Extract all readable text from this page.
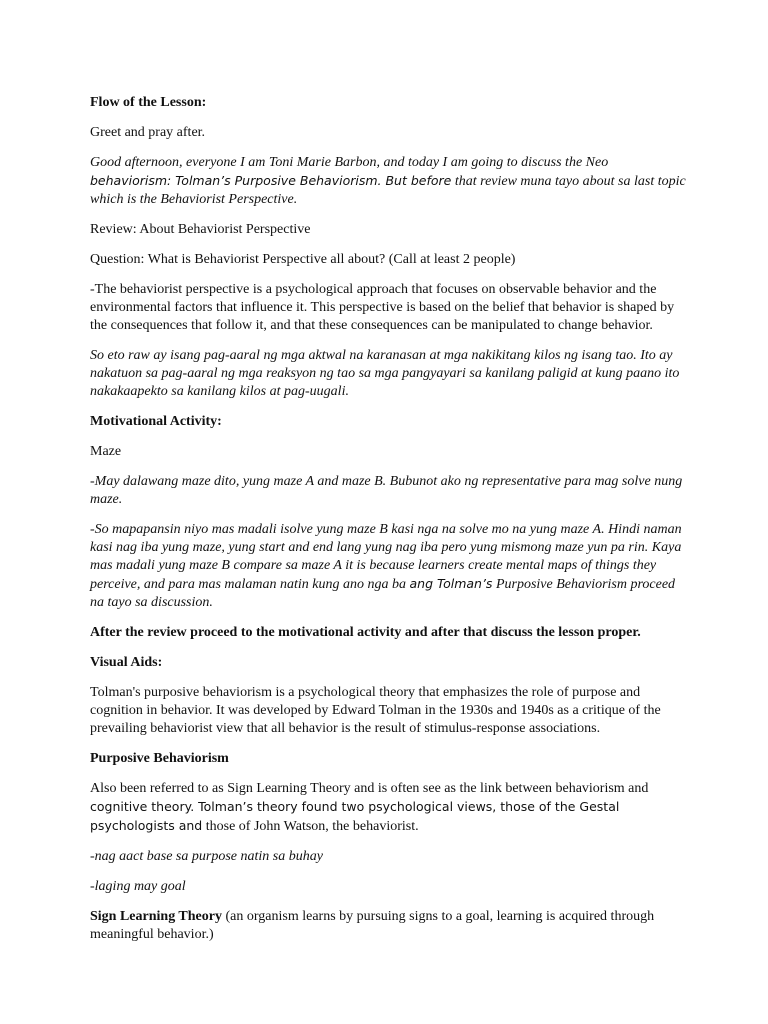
Flow of the Lesson:

Greet and pray after.

Good afternoon, everyone I am Toni Marie Barbon, and today I am going to discuss the Neo behaviorism: Tolman’s Purposive Behaviorism. But before that review muna tayo about sa last topic which is the Behaviorist Perspective.

Review: About Behaviorist Perspective

Question: What is Behaviorist Perspective all about? (Call at least 2 people)

-The behaviorist perspective is a psychological approach that focuses on observable behavior and the environmental factors that influence it. This perspective is based on the belief that behavior is shaped by the consequences that follow it, and that these consequences can be manipulated to change behavior.

So eto raw ay isang pag-aaral ng mga aktwal na karanasan at mga nakikitang kilos ng isang tao. Ito ay nakatuon sa pag-aaral ng mga reaksyon ng tao sa mga pangyayari sa kanilang paligid at kung paano ito nakakaapekto sa kanilang kilos at pag-uugali.

Motivational Activity:

Maze

-May dalawang maze dito, yung maze A and maze B. Bubunot ako ng representative para mag solve nung maze.

-So mapapansin niyo mas madali isolve yung maze B kasi nga na solve mo na yung maze A. Hindi naman kasi nag iba yung maze, yung start and end lang yung nag iba pero yung mismong maze yun pa rin. Kaya mas madali yung maze B compare sa maze A it is because learners create mental maps of things they perceive, and para mas malaman natin kung ano nga ba ang Tolman’s Purposive Behaviorism proceed na tayo sa discussion.

After the review proceed to the motivational activity and after that discuss the lesson proper.

Visual Aids:

Tolman's purposive behaviorism is a psychological theory that emphasizes the role of purpose and cognition in behavior. It was developed by Edward Tolman in the 1930s and 1940s as a critique of the prevailing behaviorist view that all behavior is the result of stimulus-response associations.

Purposive Behaviorism

Also been referred to as Sign Learning Theory and is often see as the link between behaviorism and cognitive theory. Tolman’s theory found two psychological views, those of the Gestal psychologists and those of John Watson, the behaviorist.

-nag aact base sa purpose natin sa buhay

-laging may goal

Sign Learning Theory (an organism learns by pursuing signs to a goal, learning is acquired through meaningful behavior.)
